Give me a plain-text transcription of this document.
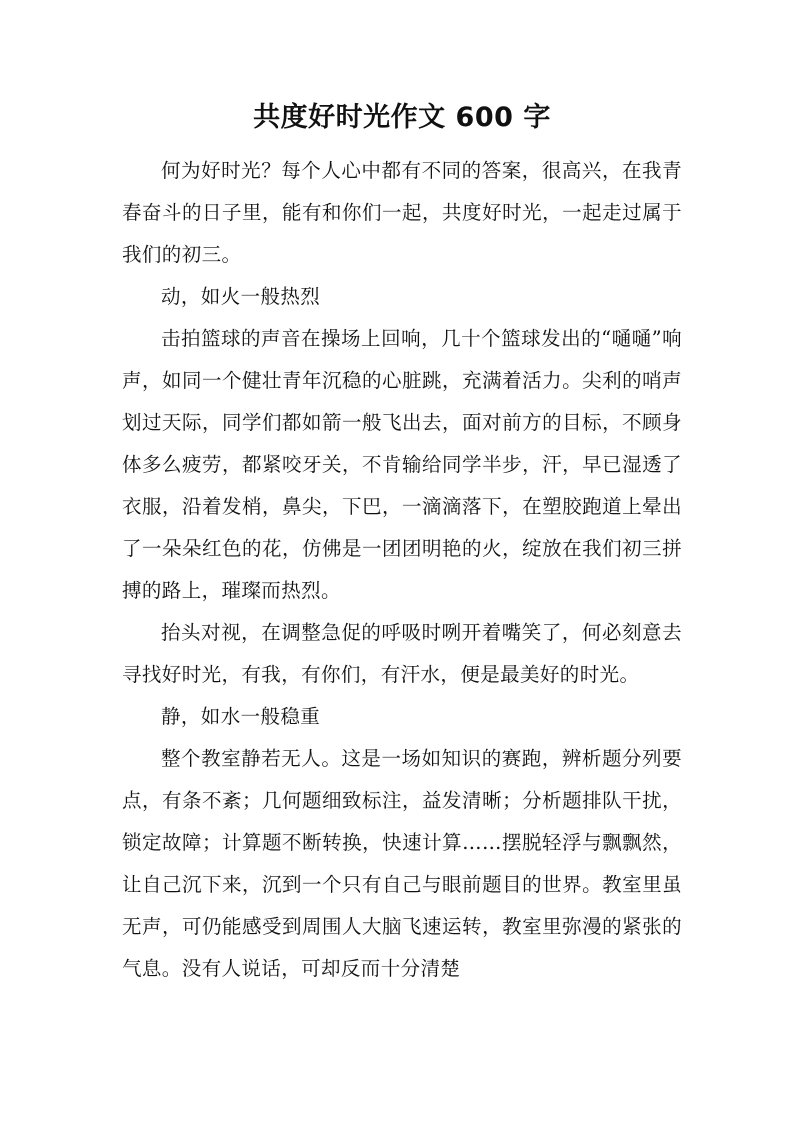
共度好时光作文 600 字

何为好时光？每个人心中都有不同的答案，很高兴，在我青春奋斗的日子里，能有和你们一起，共度好时光，一起走过属于我们的初三。

动，如火一般热烈

击拍篮球的声音在操场上回响，几十个篮球发出的“嗵嗵”响声，如同一个健壮青年沉稳的心脏跳，充满着活力。尖利的哨声划过天际，同学们都如箭一般飞出去，面对前方的目标，不顾身体多么疲劳，都紧咬牙关，不肯输给同学半步，汗，早已湿透了衣服，沿着发梢，鼻尖，下巴，一滴滴落下，在塑胶跑道上晕出了一朵朵红色的花，仿佛是一团团明艳的火，绽放在我们初三拼搏的路上，璀璨而热烈。

抬头对视，在调整急促的呼吸时咧开着嘴笑了，何必刻意去寻找好时光，有我，有你们，有汗水，便是最美好的时光。

静，如水一般稳重

整个教室静若无人。这是一场如知识的赛跑，辨析题分列要点，有条不紊；几何题细致标注，益发清晰；分析题排队干扰，锁定故障；计算题不断转换，快速计算……摆脱轻浮与飘飘然，让自己沉下来，沉到一个只有自己与眼前题目的世界。教室里虽无声，可仍能感受到周围人大脑飞速运转，教室里弥漫的紧张的气息。没有人说话，可却反而十分清楚
